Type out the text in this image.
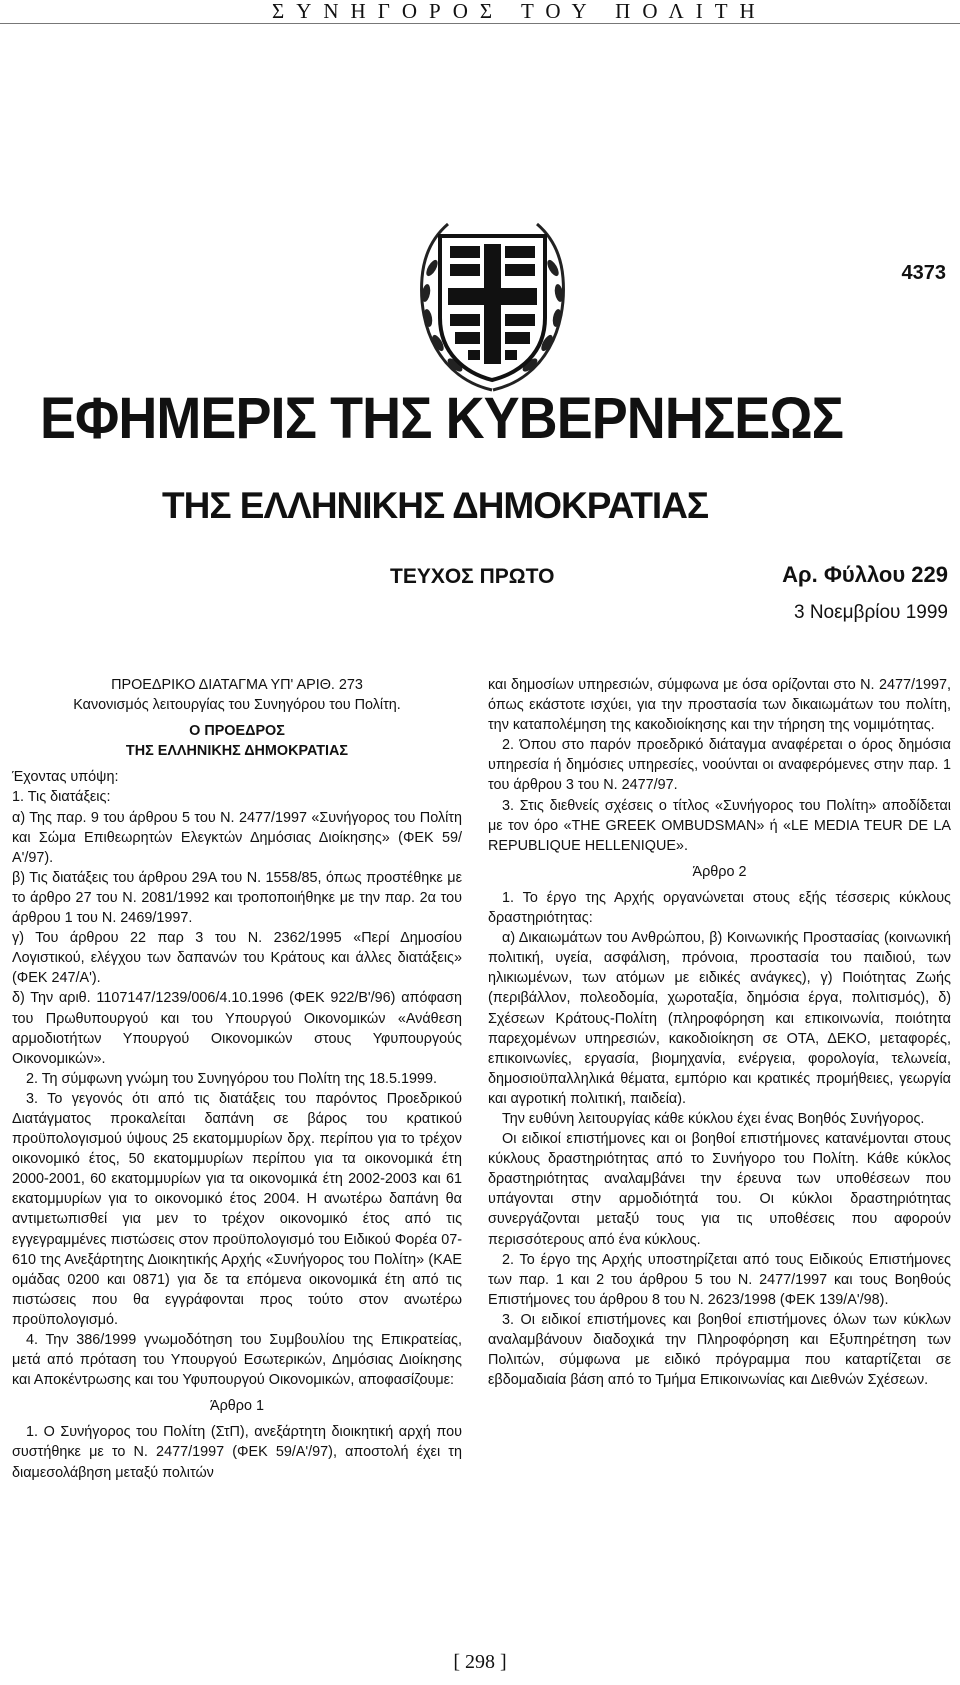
ΣΥΝΗΓΟΡΟΣ ΤΟΥ ΠΟΛΙΤΗ
4373
ΕΦΗΜΕΡΙΣ ΤΗΣ ΚΥΒΕΡΝΗΣΕΩΣ
ΤΗΣ ΕΛΛΗΝΙΚΗΣ ΔΗΜΟΚΡΑΤΙΑΣ
ΤΕΥΧΟΣ ΠΡΩΤΟ	Αρ. Φύλλου 229
3 Νοεμβρίου 1999

ΠΡΟΕΔΡΙΚΟ ΔΙΑΤΑΓΜΑ ΥΠ' ΑΡΙΘ. 273

Κανονισμός λειτουργίας του Συνηγόρου του Πολίτη.

Ο ΠΡΟΕΔΡΟΣ

ΤΗΣ ΕΛΛΗΝΙΚΗΣ ΔΗΜΟΚΡΑΤΙΑΣ

Έχοντας υπόψη:

1. Τις διατάξεις:

α) Της παρ. 9 του άρθρου 5 του Ν. 2477/1997 «Συνήγορος του Πολίτη και Σώμα Επιθεωρητών Ελεγκτών Δημόσιας Διοίκησης» (ΦΕΚ 59/Α'/97).

β) Τις διατάξεις του άρθρου 29Α του Ν. 1558/85, όπως προστέθηκε με το άρθρο 27 του Ν. 2081/1992 και τροποποιήθηκε με την παρ. 2α του άρθρου 1 του Ν. 2469/1997.

γ) Του άρθρου 22 παρ 3 του Ν. 2362/1995 «Περί Δημοσίου Λογιστικού, ελέγχου των δαπανών του Κράτους και άλλες διατάξεις» (ΦΕΚ 247/Α').

δ) Την αριθ. 1107147/1239/006/4.10.1996 (ΦΕΚ 922/Β'/96) απόφαση του Πρωθυπουργού και του Υπουργού Οικονομικών «Ανάθεση αρμοδιοτήτων Υπουργού Οικονομικών στους Υφυπουργούς Οικονομικών».

2. Τη σύμφωνη γνώμη του Συνηγόρου του Πολίτη της 18.5.1999.

3. Το γεγονός ότι από τις διατάξεις του παρόντος Προεδρικού Διατάγματος προκαλείται δαπάνη σε βάρος του κρατικού προϋπολογισμού ύψους 25 εκατομμυρίων δρχ. περίπου για το τρέχον οικονομικό έτος, 50 εκατομμυρίων περίπου για τα οικονομικά έτη 2000-2001, 60 εκατομμυρίων για τα οικονομικά έτη 2002-2003 και 61 εκατομμυρίων για το οικονομικό έτος 2004. Η ανωτέρω δαπάνη θα αντιμετωπισθεί για μεν το τρέχον οικονομικό έτος από τις εγγεγραμμένες πιστώσεις στον προϋπολογισμό του Ειδικού Φορέα 07-610 της Ανεξάρτητης Διοικητικής Αρχής «Συνήγορος του Πολίτη» (ΚΑΕ ομάδας 0200 και 0871) για δε τα επόμενα οικονομικά έτη από τις πιστώσεις που θα εγγράφονται προς τούτο στον ανωτέρω προϋπολογισμό.

4. Την 386/1999 γνωμοδότηση του Συμβουλίου της Επικρατείας, μετά από πρόταση του Υπουργού Εσωτερικών, Δημόσιας Διοίκησης και Αποκέντρωσης και του Υφυπουργού Οικονομικών, αποφασίζουμε:

Άρθρο 1

1. Ο Συνήγορος του Πολίτη (ΣτΠ), ανεξάρτητη διοικητική αρχή που συστήθηκε με το Ν. 2477/1997 (ΦΕΚ 59/Α'/97), αποστολή έχει τη διαμεσολάβηση μεταξύ πολιτών

και δημοσίων υπηρεσιών, σύμφωνα με όσα ορίζονται στο Ν. 2477/1997, όπως εκάστοτε ισχύει, για την προστασία των δικαιωμάτων του πολίτη, την καταπολέμηση της κακοδιοίκησης και την τήρηση της νομιμότητας.

2. Όπου στο παρόν προεδρικό διάταγμα αναφέρεται ο όρος δημόσια υπηρεσία ή δημόσιες υπηρεσίες, νοούνται οι αναφερόμενες στην παρ. 1 του άρθρου 3 του Ν. 2477/97.

3. Στις διεθνείς σχέσεις ο τίτλος «Συνήγορος του Πολίτη» αποδίδεται με τον όρο «THE GREEK OMBUDSMAN» ή «LE MEDIA TEUR DE LA REPUBLIQUE HELLENIQUE».

Άρθρο 2

1. Το έργο της Αρχής οργανώνεται στους εξής τέσσερις κύκλους δραστηριότητας:

α) Δικαιωμάτων του Ανθρώπου, β) Κοινωνικής Προστασίας (κοινωνική πολιτική, υγεία, ασφάλιση, πρόνοια, προστασία του παιδιού, των ηλικιωμένων, των ατόμων με ειδικές ανάγκες), γ) Ποιότητας Ζωής (περιβάλλον, πολεοδομία, χωροταξία, δημόσια έργα, πολιτισμός), δ) Σχέσεων Κράτους-Πολίτη (πληροφόρηση και επικοινωνία, ποιότητα παρεχομένων υπηρεσιών, κακοδιοίκηση σε ΟΤΑ, ΔΕΚΟ, μεταφορές, επικοινωνίες, εργασία, βιομηχανία, ενέργεια, φορολογία, τελωνεία, δημοσιοϋπαλληλικά θέματα, εμπόριο και κρατικές προμήθειες, γεωργία και αγροτική πολιτική, παιδεία).

Την ευθύνη λειτουργίας κάθε κύκλου έχει ένας Βοηθός Συνήγορος.

Οι ειδικοί επιστήμονες και οι βοηθοί επιστήμονες κατανέμονται στους κύκλους δραστηριότητας από το Συνήγορο του Πολίτη. Κάθε κύκλος δραστηριότητας αναλαμβάνει την έρευνα των υποθέσεων που υπάγονται στην αρμοδιότητά του. Οι κύκλοι δραστηριότητας συνεργάζονται μεταξύ τους για τις υποθέσεις που αφορούν περισσότερους από ένα κύκλους.

2. Το έργο της Αρχής υποστηρίζεται από τους Ειδικούς Επιστήμονες των παρ. 1 και 2 του άρθρου 5 του Ν. 2477/1997 και τους Βοηθούς Επιστήμονες του άρθρου 8 του Ν. 2623/1998 (ΦΕΚ 139/Α'/98).

3. Οι ειδικοί επιστήμονες και βοηθοί επιστήμονες όλων των κύκλων αναλαμβάνουν διαδοχικά την Πληροφόρηση και Εξυπηρέτηση των Πολιτών, σύμφωνα με ειδικό πρόγραμμα που καταρτίζεται σε εβδομαδιαία βάση από το Τμήμα Επικοινωνίας και Διεθνών Σχέσεων.

[ 298 ]
